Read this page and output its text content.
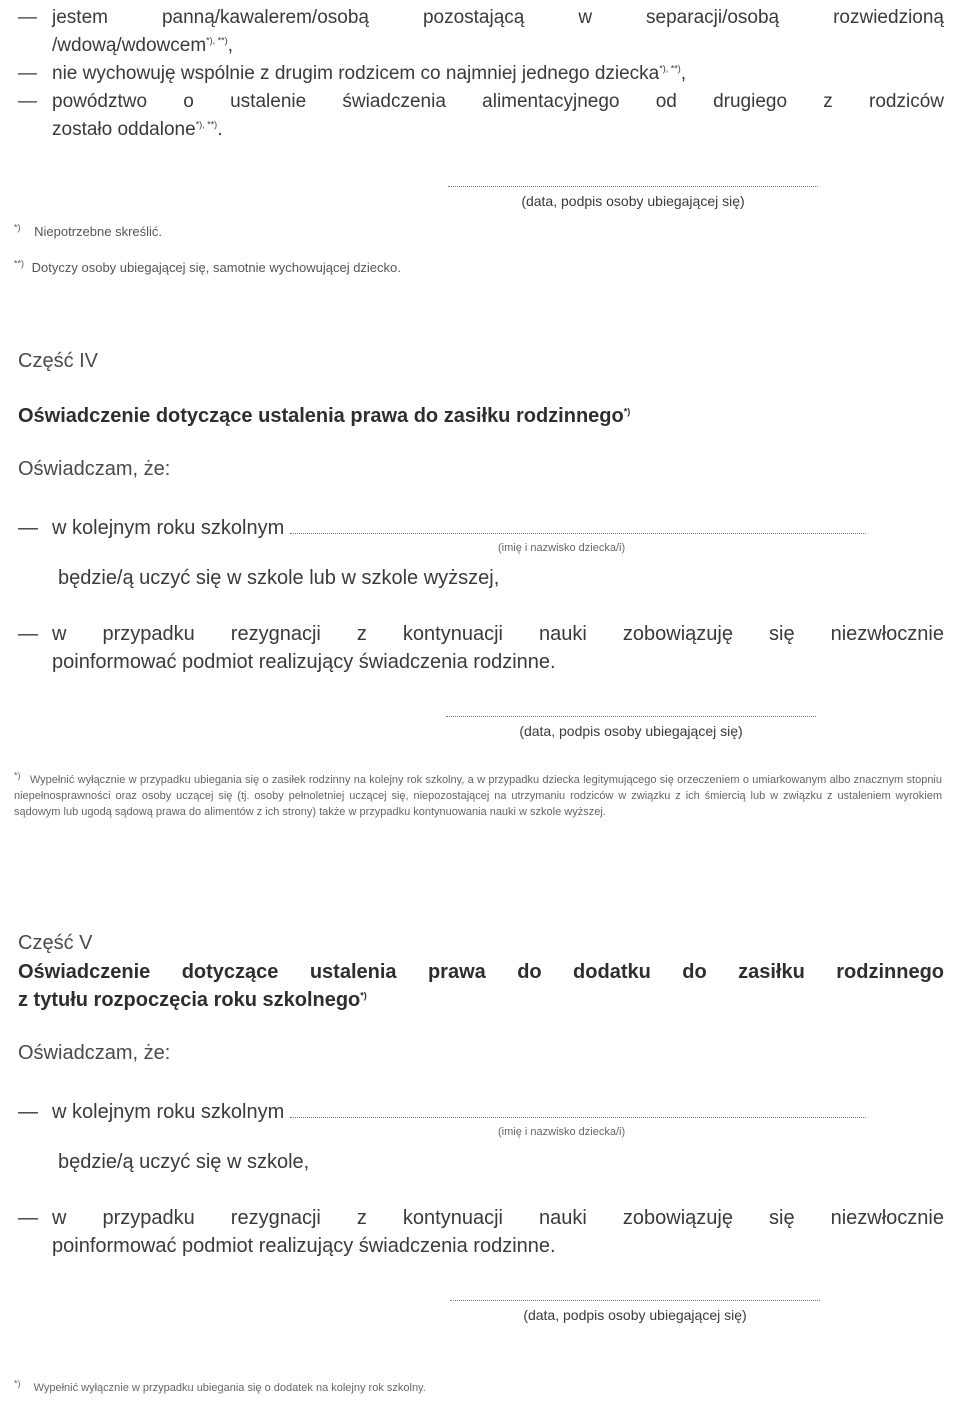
— jestem panną/kawalerem/osobą pozostającą w separacji/osobą rozwiedzioną
/wdową/wdowcem*), **),
— nie wychowuję wspólnie z drugim rodzicem co najmniej jednego dziecka*), **),
— powództwo o ustalenie świadczenia alimentacyjnego od drugiego z rodziców
zostało oddalone*), **).
(data, podpis osoby ubiegającej się)
*) Niepotrzebne skreślić.
**) Dotyczy osoby ubiegającej się, samotnie wychowującej dziecko.
Część IV
Oświadczenie dotyczące ustalenia prawa do zasiłku rodzinnego*)
Oświadczam, że:
— w kolejnym roku szkolnym
(imię i nazwisko dziecka/i)
będzie/ą uczyć się w szkole lub w szkole wyższej,
— w przypadku rezygnacji z kontynuacji nauki zobowiązuję się niezwłocznie
poinformować podmiot realizujący świadczenia rodzinne.
(data, podpis osoby ubiegającej się)
*) Wypełnić wyłącznie w przypadku ubiegania się o zasiłek rodzinny na kolejny rok szkolny, a w przypadku dziecka legitymującego się orzeczeniem o umiarkowanym albo znacznym stopniu niepełnosprawności oraz osoby uczącej się (tj. osoby pełnoletniej uczącej się, niepozostającej na utrzymaniu rodziców w związku z ich śmiercią lub w związku z ustaleniem wyrokiem sądowym lub ugodą sądową prawa do alimentów z ich strony) także w przypadku kontynuowania nauki w szkole wyższej.
Część V
Oświadczenie dotyczące ustalenia prawa do dodatku do zasiłku rodzinnego
z tytułu rozpoczęcia roku szkolnego*)
Oświadczam, że:
— w kolejnym roku szkolnym
(imię i nazwisko dziecka/i)
będzie/ą uczyć się w szkole,
— w przypadku rezygnacji z kontynuacji nauki zobowiązuję się niezwłocznie
poinformować podmiot realizujący świadczenia rodzinne.
(data, podpis osoby ubiegającej się)
*) Wypełnić wyłącznie w przypadku ubiegania się o dodatek na kolejny rok szkolny.
